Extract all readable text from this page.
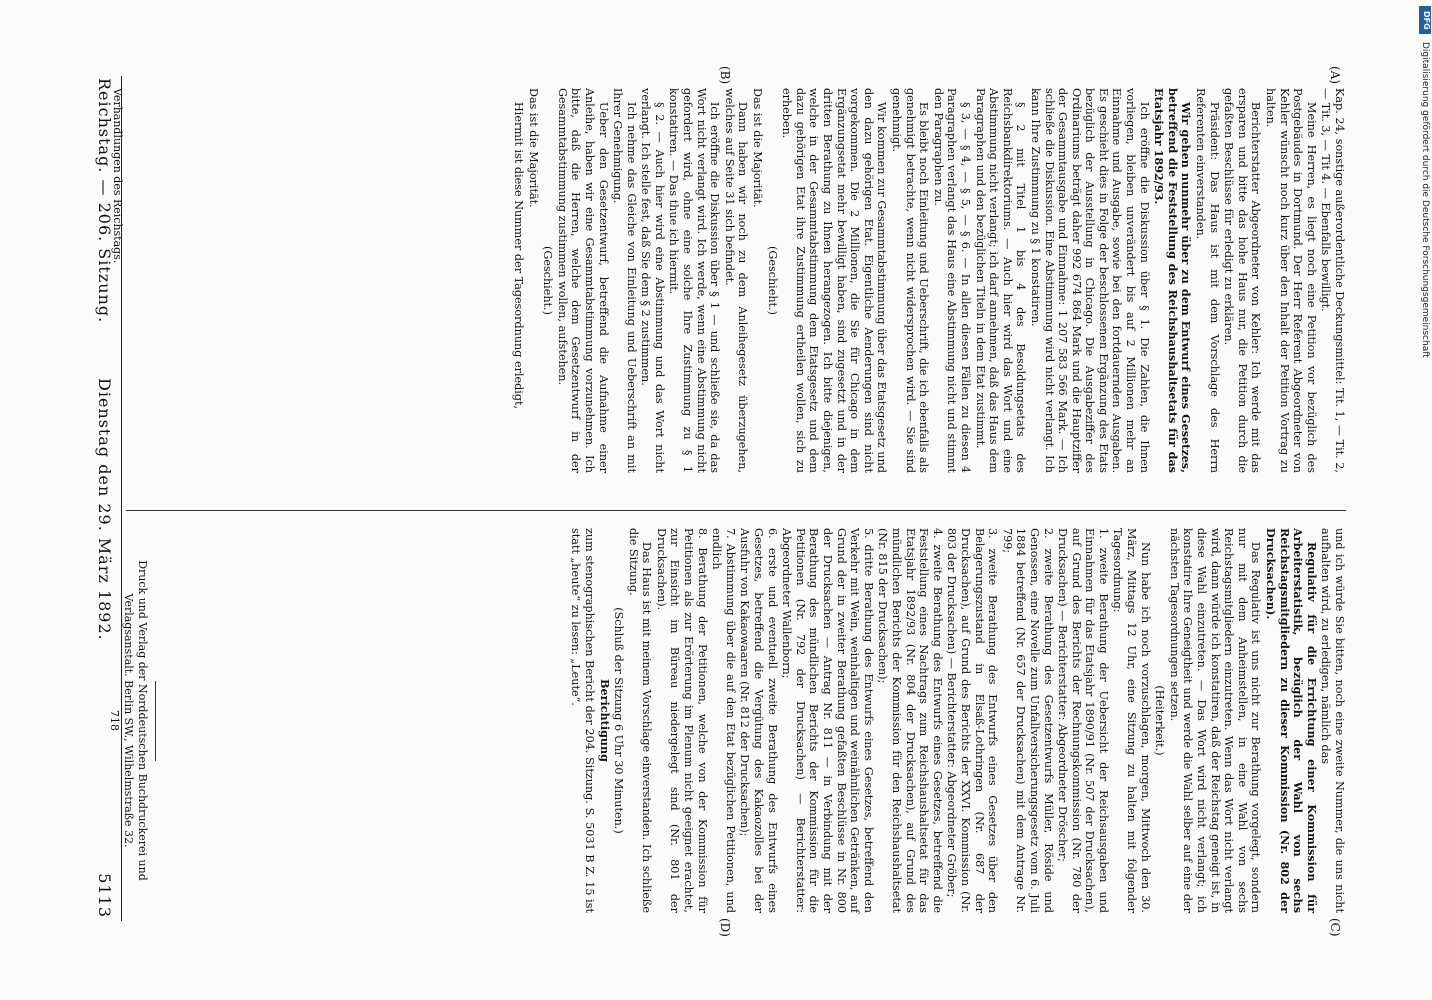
Reichstag. — 206. Sitzung.
Dienstag den 29. März 1892.
5113
(A)
(B)
(C)
(D)

Kap. 24, sonstige außerordentliche Deckungsmittel: Tit. 1, — Tit. 2, — Tit. 3, — Tit 4. — Ebenfalls bewilligt.

Meine Herren, es liegt noch eine Petition vor bezüglich des Postgebäudes in Dortmund. Der Herr Referent Abgeordneter von Kehler wünscht noch kurz über den Inhalt der Petition Vortrag zu halten.

Berichterstatter Abgeordneter von Kehler: Ich werde mit das ersparen und bitte das hohe Haus nur, die Petition durch die gefaßten Beschlüsse für erledigt zu erklären.

Präsident: Das Haus ist mit dem Vorschlage des Herrn Referenten einverstanden.

Wir gehen nunmehr über zu dem Entwurf eines Gesetzes, betreffend die Feststellung des Reichshaushaltsetats für das Etatsjahr 1892/93.

Ich eröffne die Diskussion über § 1. Die Zahlen, die Ihnen vorliegen, bleiben unverändert bis auf 2 Millionen mehr an Einnahme und Ausgabe, sowie bei den fortdauernden Ausgaben. Es geschieht dies in Folge der beschlossenen Ergänzung des Etats bezüglich der Ausstellung in Chicago. Die Ausgabeziffer des Ordinariums beträgt daher 992 674 864 Mark und die Hauptziffer der Gesammtausgabe und Einnahme: 1 207 583 566 Mark. — Ich schließe die Diskussion. Eine Abstimmung wird nicht verlangt. Ich kann Ihre Zustimmung zu § 1 konstatiren.

§ 2 mit Titel 1 bis 4 des Besoldungsetats des Reichsbankdirektoriums. — Auch hier wird das Wort und eine Abstimmung nicht verlangt; ich darf annehmen, daß das Haus dem Paragraphen und den bezüglichen Titeln in dem Etat zustimmt.

§ 3, — § 4, — § 5, — § 6. — In allen diesen Fällen zu diesen 4 Paragraphen verlangt das Haus eine Abstimmung nicht und stimmt den Paragraphen zu.

Es bleibt noch Einleitung und Ueberschrift, die ich ebenfalls als genehmigt betrachte, wenn nicht widersprochen wird. — Sie sind genehmigt.

Wir kommen zur Gesammtabstimmung über das Etatsgesetz und den dazu gehörigen Etat. Eigentliche Aenderungen sind nicht vorgekommen. Die 2 Millionen, die Sie für Chicago in dem Ergänzungsetat mehr bewilligt haben, sind zugesetzt und in der dritten Berathung zu Ihnen herangezogen. Ich bitte diejenigen, welche in der Gesammtabstimmung dem Etatsgesetz und dem dazu gehörigen Etat ihre Zustimmung ertheilen wollen, sich zu erheben.

(Geschieht.)

Das ist die Majorität.

Dann haben wir noch zu dem Anleihegesetz überzugehen, welches auf Seite 31 sich befindet.

Ich eröffne die Diskussion über § 1 — und schließe sie, da das Wort nicht verlangt wird. Ich werde, wenn eine Abstimmung nicht gefordert wird, ohne eine solche Ihre Zustimmung zu § 1 konstatiren. — Das thue ich hiermit.

§ 2. — Auch hier wird eine Abstimmung und das Wort nicht verlangt. Ich stelle fest, daß Sie dem § 2 zustimmen.

Ich nehme das Gleiche von Einleitung und Ueberschrift an mit Ihrer Genehmigung.

Ueber den Gesetzentwurf, betreffend die Aufnahme einer Anleihe, haben wir eine Gesammtabstimmung vorzunehmen. Ich bitte, daß die Herren, welche dem Gesetzentwurf in der Gesammtabstimmung zustimmen wollen, aufstehen.

(Geschieht.)

Das ist die Majorität.

Hiermit ist diese Nummer der Tagesordnung erledigt,

und ich würde Sie bitten, noch eine zweite Nummer, die uns nicht aufhalten wird, zu erledigen, nämlich das

Regulativ für die Errichtung einer Kommission für Arbeiterstatistik, bezüglich der Wahl von sechs Reichstagsmitgliedern zu dieser Kommission (Nr. 802 der Drucksachen).

Das Regulativ ist uns nicht zur Berathung vorgelegt, sondern nur mit dem Anheimstellen, in eine Wahl von sechs Reichstagsmitgliedern einzutreten. Wenn das Wort nicht verlangt wird, dann würde ich konstatiren, daß der Reichstag geneigt ist, in diese Wahl einzutreten. — Das Wort wird nicht verlangt; ich konstatire Ihre Geneigtheit und werde die Wahl selber auf eine der nächsten Tagesordnungen setzen.

(Heiterkeit.)

Nun habe ich noch vorzuschlagen, morgen, Mittwoch den 30. März, Mittags 12 Uhr, eine Sitzung zu halten mit folgender Tagesordnung:

1. zweite Berathung der Uebersicht der Reichsausgaben und Einnahmen für das Etatsjahr 1890/91 (Nr. 507 der Drucksachen), auf Grund des Berichts der Rechnungskommission (Nr. 780 der Drucksachen) — Berichterstatter: Abgeordneter Dröscher;

2. zweite Berathung des Gesetzentwurfs Müller, Röside und Genossen, eine Novelle zum Unfallversicherungsgesetz vom 6. Juli 1884 betreffend (Nr. 657 der Drucksachen) mit dem Antrage Nr. 799;

3. zweite Berathung des Entwurfs eines Gesetzes über den Belagerungszustand in Elsaß-Lothringen (Nr. 687 der Drucksachen), auf Grund des Berichts der XXVI. Kommission (Nr. 803 der Drucksachen) — Berichterstatter: Abgeordneter Gröber;

4. zweite Berathung des Entwurfs eines Gesetzes, betreffend die Feststellung eines Nachtrags zum Reichshaushaltsetat für das Etatsjahr 1892/93 (Nr. 804 der Drucksachen), auf Grund des mündlichen Berichts der Kommission für den Reichshaushaltsetat (Nr. 815 der Drucksachen);

5. dritte Berathung des Entwurfs eines Gesetzes, betreffend den Verkehr mit Wein, weinhaltigen und weinähnlichen Getränken, auf Grund der in zweiter Berathung gefaßten Beschlüsse in Nr. 800 der Drucksachen — Antrag Nr. 811 — in Verbindung mit der Berathung des mündlichen Berichts der Kommission für die Petitionen (Nr. 792 der Drucksachen) — Berichterstatter: Abgeordneter Wallenborn;

6. erste und eventuell zweite Berathung des Entwurfs eines Gesetzes, betreffend die Vergütung des Kakaozolles bei der Ausfuhr von Kakaowaaren (Nr. 812 der Drucksachen);

7. Abstimmung über die auf den Etat bezüglichen Petitionen, und endlich

8. Berathung der Petitionen, welche von der Kommission für Petitionen als zur Erörterung im Plenum nicht geeignet erachtet, zur Einsicht im Büreau niedergelegt sind (Nr. 801 der Drucksachen).

Das Haus ist mit meinem Vorschlage einverstanden. Ich schließe die Sitzung.

(Schluß der Sitzung 6 Uhr 30 Minuten.)

Berichtigung

zum stenographischen Bericht der 204. Sitzung. S. 5031 B Z. 15 ist statt „heute“ zu lesen: „Leute“.

Verhandlungen des Reichstags.
Druck und Verlag der Norddeutschen Buchdruckerei und Verlagsanstalt. Berlin SW., Wilhelmstraße 32.
718
DFG
Digitalisierung gefördert durch die Deutsche Forschungsgemeinschaft
